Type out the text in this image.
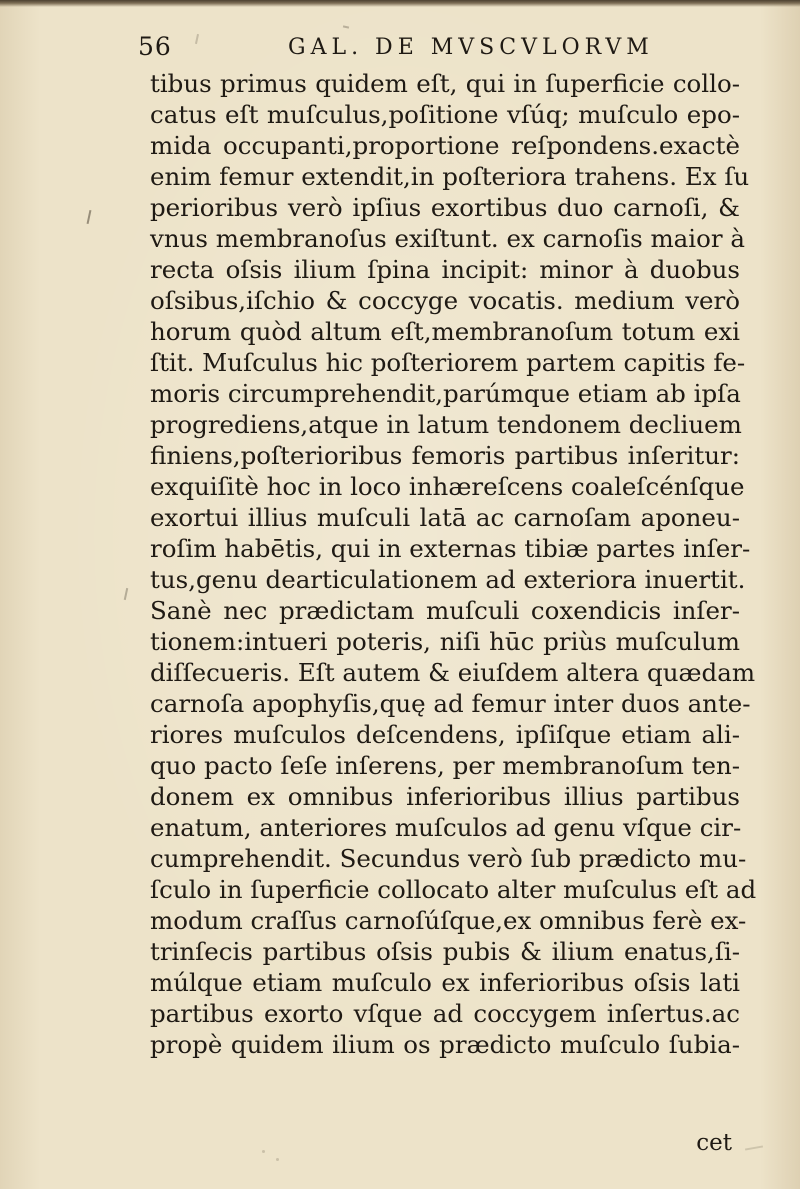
56	GAL. DE MVSCVLORVM
tibus primus quidem eſt, qui in ſuperficie collo-
catus eſt muſculus,poſitione vſúq; muſculo epo-
mida occupanti,proportione reſpondens.exactè
enim femur extendit,in poſteriora trahens. Ex ſu
perioribus verò ipſius exortibus duo carnoſi, &
vnus membranoſus exiſtunt. ex carnoſis maior à
recta oſsis ilium ſpina incipit: minor à duobus
oſsibus,iſchio & coccyge vocatis. medium verò
horum quòd altum eſt,membranoſum totum exi
ſtit. Muſculus hic poſteriorem partem capitis fe-
moris circumprehendit,parúmque etiam ab ipſa
progrediens,atque in latum tendonem decliuem
finiens,poſterioribus femoris partibus inſeritur:
exquiſitè hoc in loco inhæreſcens coaleſcénſque
exortui illius muſculi latā ac carnoſam aponeu-
roſim habētis, qui in externas tibiæ partes inſer-
tus,genu dearticulationem ad exteriora inuertit.
Sanè nec prædictam muſculi coxendicis inſer-
tionem:intueri poteris, niſi hūc priùs muſculum
diſſecueris. Eſt autem & eiuſdem altera quædam
carnoſa apophyſis,quę ad femur inter duos ante-
riores muſculos deſcendens, ipſiſque etiam ali-
quo pacto ſeſe inſerens, per membranoſum ten-
donem ex omnibus inferioribus illius partibus
enatum, anteriores muſculos ad genu vſque cir-
cumprehendit. Secundus verò ſub prædicto mu-
ſculo in ſuperficie collocato alter muſculus eſt ad
modum craſſus carnoſúſque,ex omnibus ferè ex-
trinſecis partibus oſsis pubis & ilium enatus,ſi-
múlque etiam muſculo ex inferioribus oſsis lati
partibus exorto vſque ad coccygem inſertus.ac
propè quidem ilium os prædicto muſculo ſubia-
cet
